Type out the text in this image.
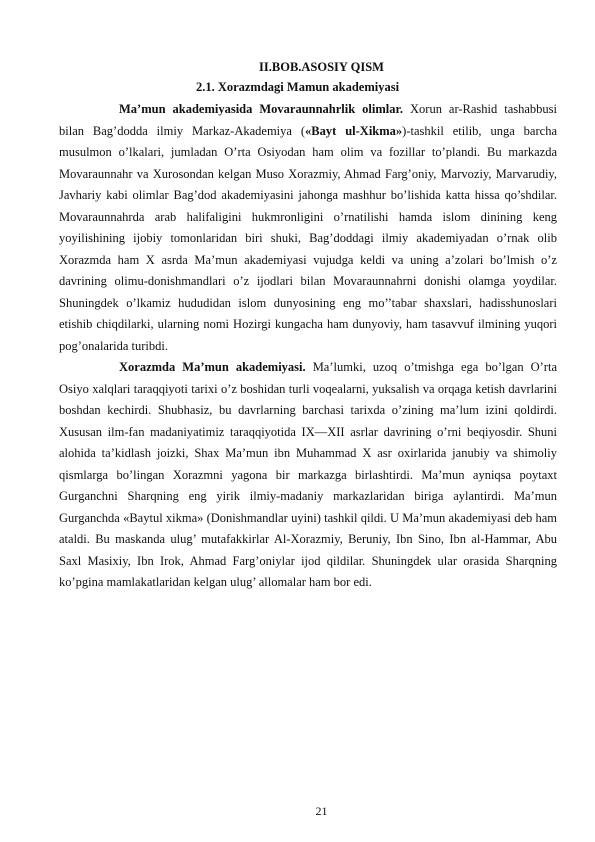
II.BOB.ASOSIY QISM
2.1. Xorazmdagi Mamun akademiyasi

Ma’mun akademiyasida Movaraunnahrlik olimlar. Xorun ar-Rashid tashabbusi bilan Bag’dodda ilmiy Markaz-Akademiya («Bayt ul-Xikma»)-tashkil etilib, unga barcha musulmon o’lkalari, jumladan O’rta Osiyodan ham olim va fozillar to’plandi. Bu markazda Movaraunnahr va Xurosondan kelgan Muso Xorazmiy, Ahmad Farg’oniy, Marvoziy, Marvarudiy, Javhariy kabi olimlar Bag’dod akademiyasini jahonga mashhur bo’lishida katta hissa qo’shdilar. Movaraunnahrda arab halifaligini hukmronligini o’rnatilishi hamda islom dinining keng yoyilishining ijobiy tomonlaridan biri shuki, Bag’doddagi ilmiy akademiyadan o’rnak olib Xorazmda ham X asrda Ma’mun akademiyasi vujudga keldi va uning a’zolari bo’lmish o’z davrining olimu-donishmandlari o’z ijodlari bilan Movaraunnahrni donishi olamga yoydilar. Shuningdek o’lkamiz hududidan islom dunyosining eng mo’’tabar shaxslari, hadisshunoslari etishib chiqdilarki, ularning nomi Hozirgi kungacha ham dunyoviy, ham tasavvuf ilmining yuqori pog’onalarida turibdi.

Xorazmda Ma’mun akademiyasi. Ma’lumki, uzoq o’tmishga ega bo’lgan O’rta Osiyo xalqlari taraqqiyoti tarixi o’z boshidan turli voqealarni, yuksalish va orqaga ketish davrlarini boshdan kechirdi. Shubhasiz, bu davrlarning barchasi tarixda o’zining ma’lum izini qoldirdi. Xususan ilm-fan madaniyatimiz taraqqiyotida IX—XII asrlar davrining o’rni beqiyosdir. Shuni alohida ta’kidlash joizki, Shax Ma’mun ibn Muhammad X asr oxirlarida janubiy va shimoliy qismlarga bo’lingan Xorazmni yagona bir markazga birlashtirdi. Ma’mun ayniqsa poytaxt Gurganchni Sharqning eng yirik ilmiy-madaniy markazlaridan biriga aylantirdi. Ma’mun Gurganchda «Baytul xikma» (Donishmandlar uyini) tashkil qildi. U Ma’mun akademiyasi deb ham ataldi. Bu maskanda ulug’ mutafakkirlar Al-Xorazmiy, Beruniy, Ibn Sino, Ibn al-Hammar, Abu Saxl Masixiy, Ibn Irok, Ahmad Farg’oniylar ijod qildilar. Shuningdek ular orasida Sharqning ko’pgina mamlakatlaridan kelgan ulug’ allomalar ham bor edi.

21
